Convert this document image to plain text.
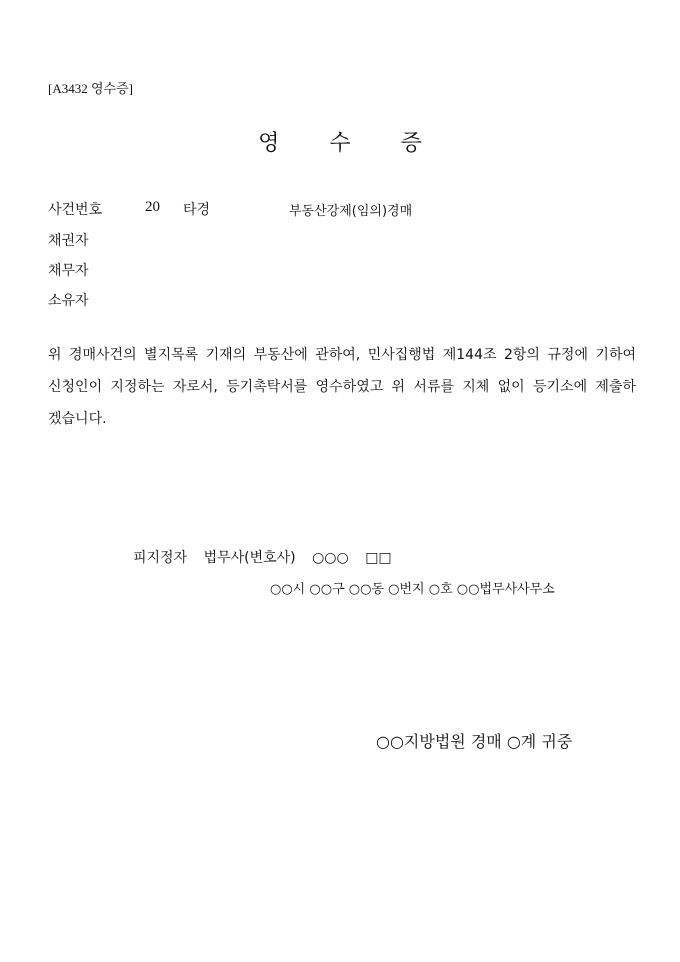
[A3432 영수증]
영수증
사건번호	20 타경	부동산강제(임의)경매
채권자
채무자
소유자
위 경매사건의 별지목록 기재의 부동산에 관하여, 민사집행법 제144조 2항의 규정에 기하여 신청인이 지정하는 자로서, 등기촉탁서를 영수하였고 위 서류를 지체 없이 등기소에 제출하겠습니다.
피지정자 법무사(변호사) ○○○ □□
○○시 ○○구 ○○동 ○번지 ○호 ○○법무사사무소
○○지방법원 경매 ○계 귀중
